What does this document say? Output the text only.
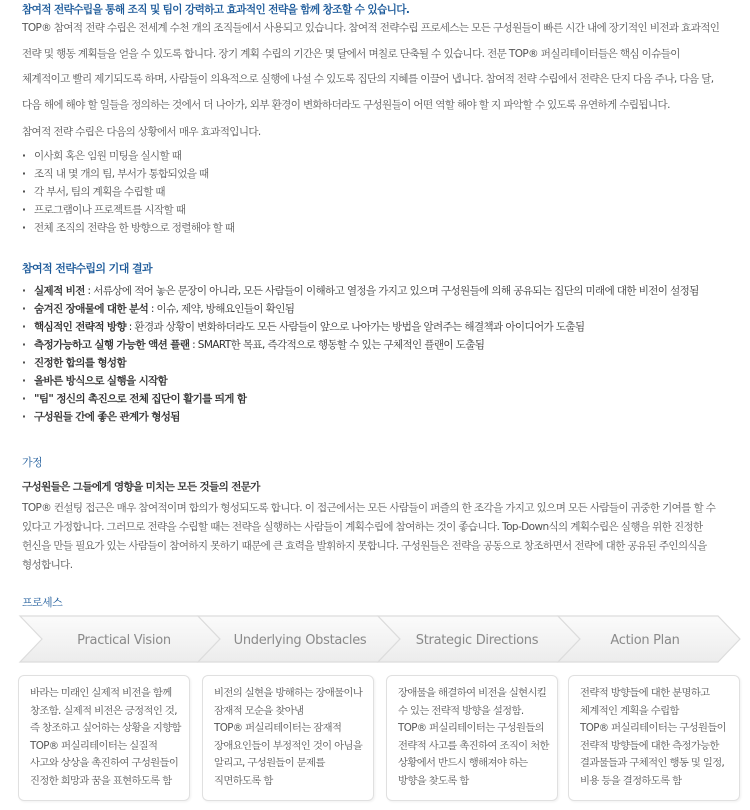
참여적 전략수립을 통해 조직 및 팀이 강력하고 효과적인 전략을 함께 창조할 수 있습니다.

TOP® 참여적 전략 수립은 전세계 수천 개의 조직들에서 사용되고 있습니다. 참여적 전략수립 프로세스는 모든 구성원들이 빠른 시간 내에 장기적인 비전과 효과적인

전략 및 행동 계획들을 얻을 수 있도록 합니다. 장기 계획 수립의 기간은 몇 달에서 며칠로 단축될 수 있습니다. 전문 TOP® 퍼실리테이터들은 핵심 이슈들이

체계적이고 빨리 제기되도록 하며, 사람들이 의욕적으로 실행에 나설 수 있도록 집단의 지혜를 이끌어 냅니다. 참여적 전략 수립에서 전략은 단지 다음 주나, 다음 달,

다음 해에 해야 할 일들을 정의하는 것에서 더 나아가, 외부 환경이 변화하더라도 구성원들이 어떤 역할 해야 할 지 파악할 수 있도록 유연하게 수립됩니다.

참여적 전략 수립은 다음의 상황에서 매우 효과적입니다.
· 이사회 혹은 임원 미팅을 실시할 때
· 조직 내 몇 개의 팀, 부서가 통합되었을 때
· 각 부서, 팀의 계획을 수립할 때
· 프로그램이나 프로젝트를 시작할 때
· 전체 조직의 전략을 한 방향으로 정렬해야 할 때
참여적 전략수립의 기대 결과
· 실제적 비전 : 서류상에 적어 놓은 문장이 아니라, 모든 사람들이 이해하고 열정을 가지고 있으며 구성원들에 의해 공유되는 집단의 미래에 대한 비전이 설정됨
· 숨겨진 장애물에 대한 분석 : 이슈, 제약, 방해요인들이 확인됨
· 핵심적인 전략적 방향 : 환경과 상황이 변화하더라도 모든 사람들이 앞으로 나아가는 방법을 알려주는 해결책과 아이디어가 도출됨
· 측정가능하고 실행 가능한 액션 플랜 : SMART한 목표, 즉각적으로 행동할 수 있는 구체적인 플랜이 도출됨
· 진정한 합의를 형성함
· 올바른 방식으로 실행을 시작함
· "팀" 정신의 촉진으로 전체 집단이 활기를 띄게 함
· 구성원들 간에 좋은 관계가 형성됨
가정
구성원들은 그들에게 영향을 미치는 모든 것들의 전문가

TOP® 컨설팅 접근은 매우 참여적이며 합의가 형성되도록 합니다. 이 접근에서는 모든 사람들이 퍼즐의 한 조각을 가지고 있으며 모든 사람들이 귀중한 기여를 할 수

있다고 가정합니다. 그러므로 전략을 수립할 때는 전략을 실행하는 사람들이 계획수립에 참여하는 것이 좋습니다. Top-Down식의 계획수립은 실행을 위한 진정한

헌신을 만들 필요가 있는 사람들이 참여하지 못하기 때문에 큰 효력을 발휘하지 못합니다. 구성원들은 전략을 공동으로 창조하면서 전략에 대한 공유된 주인의식을

형성합니다.

프로세스
Practical Vision	Underlying Obstacles	Strategic Directions	Action Plan
바라는 미래인 실제적 비전을 함께
창조함. 실제적 비전은 긍정적인 것,
즉 창조하고 싶어하는 상황을 지향함
TOP® 퍼실리테이터는 실질적
사고와 상상을 촉진하여 구성원들이
진정한 희망과 꿈을 표현하도록 함
비전의 실현을 방해하는 장애물이나
잠재적 모순을 찾아냄
TOP® 퍼실리테이터는 잠재적
장애요인들이 부정적인 것이 아님을
알리고, 구성원들이 문제를
직면하도록 함
장애물을 해결하여 비전을 실현시킬
수 있는 전략적 방향을 설정함.
TOP® 퍼실리테이터는 구성원들의
전략적 사고를 촉진하여 조직이 처한
상황에서 반드시 행해져야 하는
방향을 찾도록 함
전략적 방향들에 대한 분명하고
체계적인 계획을 수립함
TOP® 퍼실리테이터는 구성원들이
전략적 방향들에 대한 측정가능한
결과물들과 구체적인 행동 및 일정,
비용 등을 결정하도록 함
